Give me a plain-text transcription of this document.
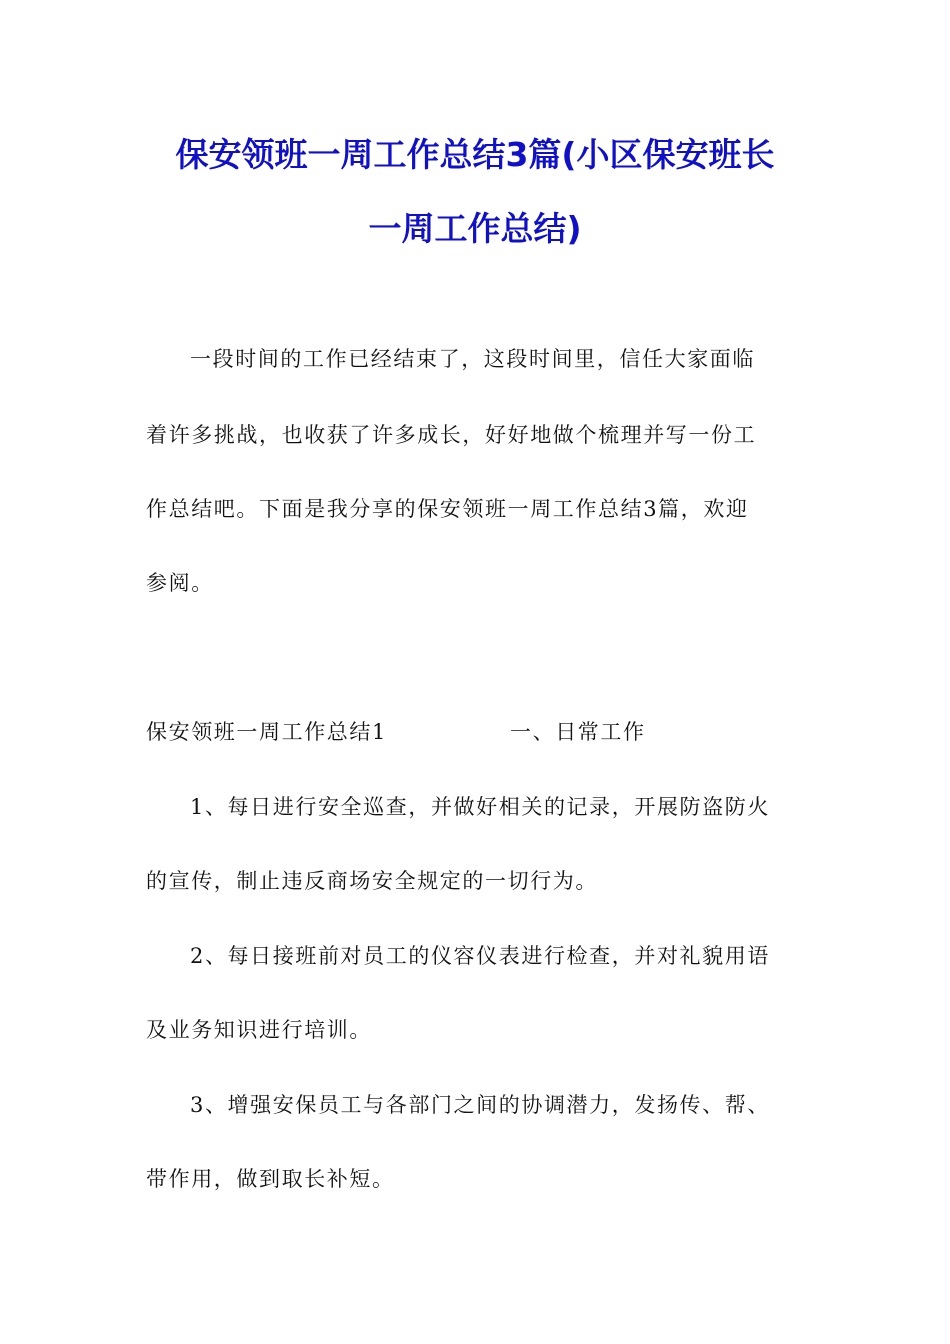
保安领班一周工作总结3篇(小区保安班长
一周工作总结)

一段时间的工作已经结束了，这段时间里，信任大家面临

着许多挑战，也收获了许多成长，好好地做个梳理并写一份工

作总结吧。下面是我分享的保安领班一周工作总结3篇，欢迎

参阅。

保安领班一周工作总结1	一、日常工作

1、每日进行安全巡查，并做好相关的记录，开展防盗防火

的宣传，制止违反商场安全规定的一切行为。

2、每日接班前对员工的仪容仪表进行检查，并对礼貌用语

及业务知识进行培训。

3、增强安保员工与各部门之间的协调潜力，发扬传、帮、

带作用，做到取长补短。
